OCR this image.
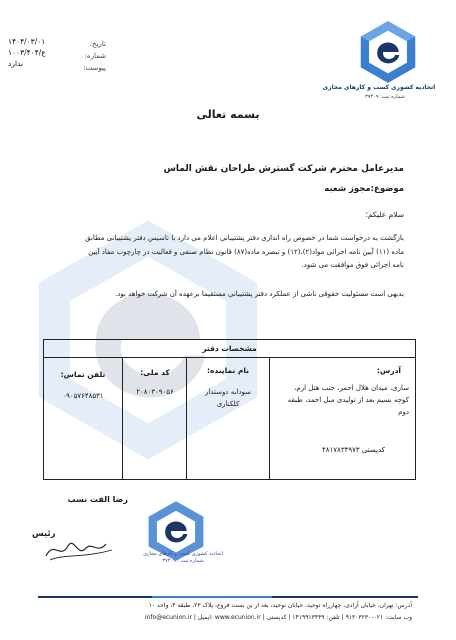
تاریخ:
شماره:
پیوست:
۱۴۰۴/۰۳/۰۱
۱۰۰۳/ع/۴۰۴
ندارد
اتحادیه کشوری کسب و کارهای مجازی
شماره ثبت: ۳۷۴۰۹
بسمه تعالی
مدیرعامل محترم شرکت گسترش طراحان نقش الماس
موضوع:مجوز شعبه
سلام علیکم؛
بازگشت به درخواست شما در خصوص راه اندازی دفتر پشتیبانی اعلام می دارد با تاسیس دفتر پشتیبانی مطابق
ماده (۱۱) آیین نامه اجرائی مواد(۲)،(۱۲) و تبصره ماده(۸۷) قانون نظام صنفی و فعالیت در چارچوب مفاد آیین
نامه اجرائی فوق موافقت می شود.
بدیهی است مسئولیت حقوقی ناشی از عملکرد دفتر پشتیبانی مستقیما برعهده آن شرکت خواهد بود.
مشخصات دفتر
آدرس:
ساری، میدان هلال احمر، جنب هتل ارم،
کوچه نسیم بعد از تولیدی مبل احمد، طبقه
دوم
کدپستی ۴۸۱۷۸۳۴۹۷۳
نام نماینده:
سودابه دوستدار
کلکناری
کد ملی:
۲۰۸۰۳۰۹۰۵۶
تلفن تماس:
۰۹۰۵۷۶۴۸۵۳۱
رضا الفت نسب
رئیس
اتحادیه کشوری کسب و کارهای مجازی
شماره ثبت : ۳۷۴۰۹
آدرس: تهران، خیابان آزادی، چهارراه توحید، خیابان توحید، بعد از بن بست فروغ، پلاک ۲۳، طبقه ۴، واحد ۱۰
info@ecunion.ir | ایمیل: www.ecunion.ir | وب سایت: ۰۲۱-۹۱۳۰۳۲۳۰ | تلفن: ۱۴۱۹۹۱۳۴۴۹ | کدپستی
